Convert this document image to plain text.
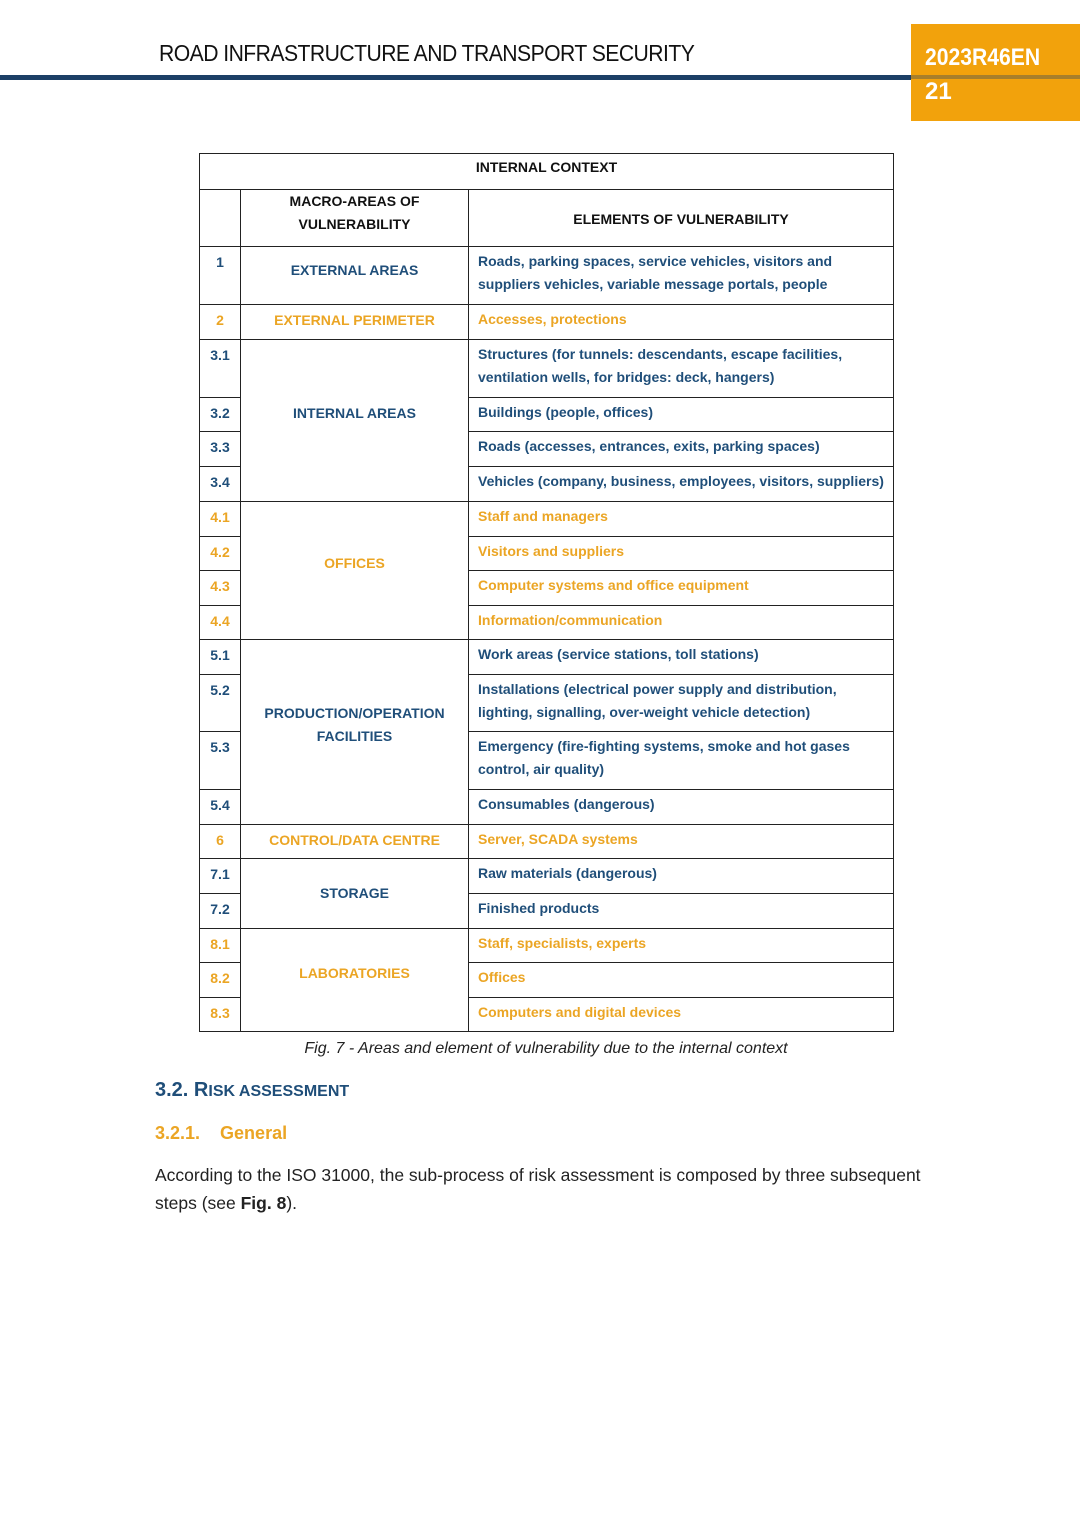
ROAD INFRASTRUCTURE AND TRANSPORT SECURITY	2023R46EN
21
INTERNAL CONTEXT		
	MACRO-AREAS OF VULNERABILITY	ELEMENTS OF VULNERABILITY
1	EXTERNAL AREAS	Roads, parking spaces, service vehicles, visitors and suppliers vehicles, variable message portals, people
2	EXTERNAL PERIMETER	Accesses, protections
3.1	INTERNAL AREAS	Structures (for tunnels: descendants, escape facilities, ventilation wells, for bridges: deck, hangers)
3.2		Buildings (people, offices)
3.3		Roads (accesses, entrances, exits, parking spaces)
3.4		Vehicles (company, business, employees, visitors, suppliers)
4.1	OFFICES	Staff and managers
4.2		Visitors and suppliers
4.3		Computer systems and office equipment
4.4		Information/communication
5.1	PRODUCTION/OPERATION FACILITIES	Work areas (service stations, toll stations)
5.2		Installations (electrical power supply and distribution, lighting, signalling, over-weight vehicle detection)
5.3		Emergency (fire-fighting systems, smoke and hot gases control, air quality)
5.4		Consumables (dangerous)
6	CONTROL/DATA CENTRE	Server, SCADA systems
7.1	STORAGE	Raw materials (dangerous)
7.2		Finished products
8.1	LABORATORIES	Staff, specialists, experts
8.2		Offices
8.3		Computers and digital devices
Fig. 7 - Areas and element of vulnerability due to the internal context
3.2. RISK ASSESSMENT
3.2.1. General
According to the ISO 31000, the sub-process of risk assessment is composed by three subsequent steps (see Fig. 8).
